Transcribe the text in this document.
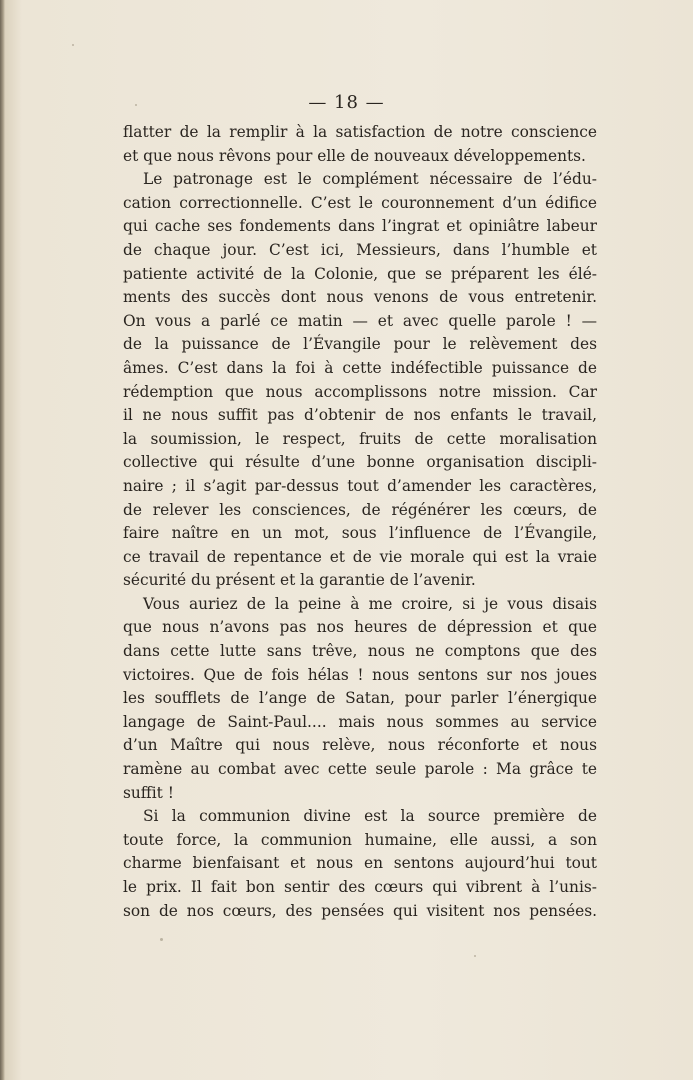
— 18 —
flatter de la remplir à la satisfaction de notre conscience
et que nous rêvons pour elle de nouveaux développements.
Le patronage est le complément nécessaire de l’édu-
cation correctionnelle. C’est le couronnement d’un édifice
qui cache ses fondements dans l’ingrat et opiniâtre labeur
de chaque jour. C’est ici, Messieurs, dans l’humble et
patiente activité de la Colonie, que se préparent les élé-
ments des succès dont nous venons de vous entretenir.
On vous a parlé ce matin — et avec quelle parole ! —
de la puissance de l’Évangile pour le relèvement des
âmes. C’est dans la foi à cette indéfectible puissance de
rédemption que nous accomplissons notre mission. Car
il ne nous suffit pas d’obtenir de nos enfants le travail,
la soumission, le respect, fruits de cette moralisation
collective qui résulte d’une bonne organisation discipli-
naire ; il s’agit par-dessus tout d’amender les caractères,
de relever les consciences, de régénérer les cœurs, de
faire naître en un mot, sous l’influence de l’Évangile,
ce travail de repentance et de vie morale qui est la vraie
sécurité du présent et la garantie de l’avenir.
Vous auriez de la peine à me croire, si je vous disais
que nous n’avons pas nos heures de dépression et que
dans cette lutte sans trêve, nous ne comptons que des
victoires. Que de fois hélas ! nous sentons sur nos joues
les soufflets de l’ange de Satan, pour parler l’énergique
langage de Saint-Paul.... mais nous sommes au service
d’un Maître qui nous relève, nous réconforte et nous
ramène au combat avec cette seule parole : Ma grâce te
suffit !
Si la communion divine est la source première de
toute force, la communion humaine, elle aussi, a son
charme bienfaisant et nous en sentons aujourd’hui tout
le prix. Il fait bon sentir des cœurs qui vibrent à l’unis-
son de nos cœurs, des pensées qui visitent nos pensées.
